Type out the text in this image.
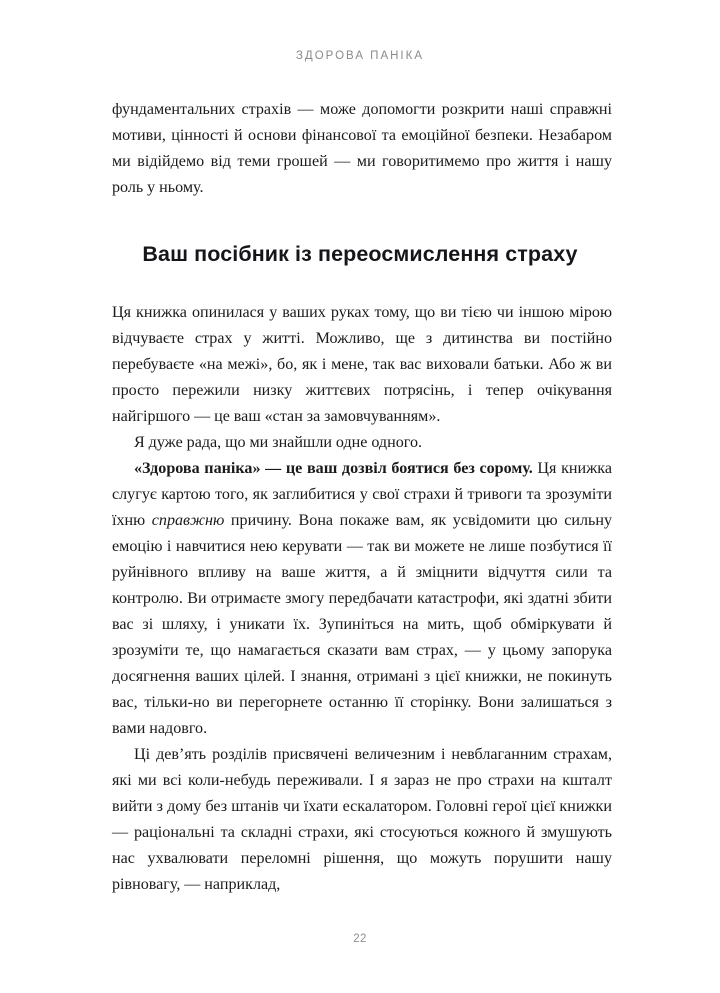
ЗДОРОВА ПАНІКА

фундаментальних страхів — може допомогти розкрити наші справжні мотиви, цінності й основи фінансової та емоційної безпеки. Незабаром ми відійдемо від теми грошей — ми говоритимемо про життя і нашу роль у ньому.

Ваш посібник із переосмислення страху

Ця книжка опинилася у ваших руках тому, що ви тією чи іншою мірою відчуваєте страх у житті. Можливо, ще з дитинства ви постійно перебуваєте «на межі», бо, як і мене, так вас виховали батьки. Або ж ви просто пережили низку життєвих потрясінь, і тепер очікування найгіршого — це ваш «стан за замовчуванням».

Я дуже рада, що ми знайшли одне одного.

«Здорова паніка» — це ваш дозвіл боятися без сорому. Ця книжка слугує картою того, як заглибитися у свої страхи й тривоги та зрозуміти їхню справжню причину. Вона покаже вам, як усвідомити цю сильну емоцію і навчитися нею керувати — так ви можете не лише позбутися її руйнівного впливу на ваше життя, а й зміцнити відчуття сили та контролю. Ви отримаєте змогу передбачати катастрофи, які здатні збити вас зі шляху, і уникати їх. Зупиніться на мить, щоб обміркувати й зрозуміти те, що намагається сказати вам страх, — у цьому запорука досягнення ваших цілей. І знання, отримані з цієї книжки, не покинуть вас, тільки-но ви перегорнете останню її сторінку. Вони залишаться з вами надовго.

Ці дев’ять розділів присвячені величезним і невблаганним страхам, які ми всі коли-небудь переживали. І я зараз не про страхи на кшталт вийти з дому без штанів чи їхати ескалатором. Головні герої цієї книжки — раціональні та складні страхи, які стосуються кожного й змушують нас ухвалювати переломні рішення, що можуть порушити нашу рівновагу, — наприклад,

22
